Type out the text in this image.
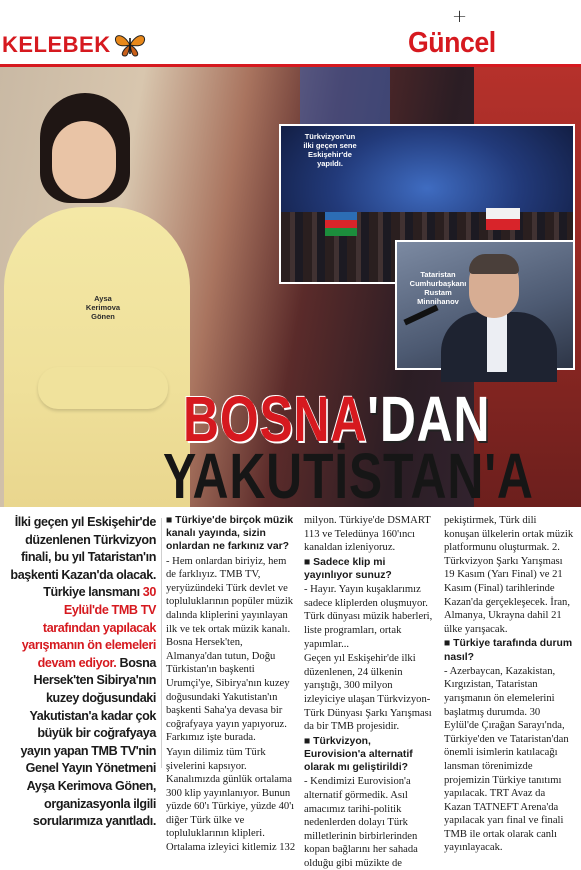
+
KELEBEK	Güncel
Türkvizyon'un
ilki geçen sene
Eskişehir'de
yapıldı.
Tataristan
Cumhurbaşkanı
Rustam
Minnihanov
Aysa
Kerimova
Gönen
BOSNA'DAN
YAKUTİSTAN'A
İlki geçen yıl Eskişehir'de düzenlenen Türkvizyon finali, bu yıl Tataristan'ın başkenti Kazan'da olacak. Türkiye lansmanı 30 Eylül'de TMB TV tarafından yapılacak yarışmanın ön elemeleri devam ediyor. Bosna Hersek'ten Sibirya'nın kuzey doğusundaki Yakutistan'a kadar çok büyük bir coğrafyaya yayın yapan TMB TV'nin Genel Yayın Yönetmeni Ayşa Kerimova Gönen, organizasyonla ilgili sorularımıza yanıtladı.

■ Türkiye'de birçok müzik kanalı yayında, sizin onlardan ne farkınız var?

- Hem onlardan biriyiz, hem de farklıyız. TMB TV, yeryüzündeki Türk devlet ve topluluklarının popüler müzik dalında kliplerini yayınlayan ilk ve tek ortak müzik kanalı. Bosna Hersek'ten, Almanya'dan tutun, Doğu Türkistan'ın başkenti Urumçi'ye, Sibirya'nın kuzey doğusundaki Yakutistan'ın başkenti Saha'ya devasa bir coğrafyaya yayın yapıyoruz. Farkımız işte burada.

Yayın dilimiz tüm Türk şivelerini kapsıyor. Kanalımızda günlük ortalama 300 klip yayınlanıyor. Bunun yüzde 60'ı Türkiye, yüzde 40'ı diğer Türk ülke ve topluluklarının klipleri. Ortalama izleyici kitlemiz 132

milyon. Türkiye'de DSMART 113 ve Teledünya 160'ıncı kanaldan izleniyoruz.

■ Sadece klip mi yayınlıyor sunuz?

- Hayır. Yayın kuşaklarımız sadece kliplerden oluşmuyor. Türk dünyası müzik haberleri, liste programları, ortak yapımlar...

Geçen yıl Eskişehir'de ilki düzenlenen, 24 ülkenin yarıştığı, 300 milyon izleyiciye ulaşan Türkvizyon-Türk Dünyası Şarkı Yarışması da bir TMB projesidir.

■ Türkvizyon, Eurovision'a alternatif olarak mı geliştirildi?

- Kendimizi Eurovision'a alternatif görmedik. Asıl amacımız tarihi-politik nedenlerden dolayı Türk milletlerinin birbirlerinden kopan bağlarını her sahada olduğu gibi müzikte de

pekiştirmek, Türk dili konuşan ülkelerin ortak müzik platformunu oluşturmak. 2. Türkvizyon Şarkı Yarışması 19 Kasım (Yarı Final) ve 21 Kasım (Final) tarihlerinde Kazan'da gerçekleşecek. İran, Almanya, Ukrayna dahil 21 ülke yarışacak.

■ Türkiye tarafında durum nasıl?

- Azerbaycan, Kazakistan, Kırgızistan, Tataristan yarışmanın ön elemelerini başlatmış durumda. 30 Eylül'de Çırağan Sarayı'nda, Türkiye'den ve Tataristan'dan önemli isimlerin katılacağı lansman törenimizde projemizin Türkiye tanıtımı yapılacak. TRT Avaz da Kazan TATNEFT Arena'da yapılacak yarı final ve finali TMB ile ortak olarak canlı yayınlayacak.
